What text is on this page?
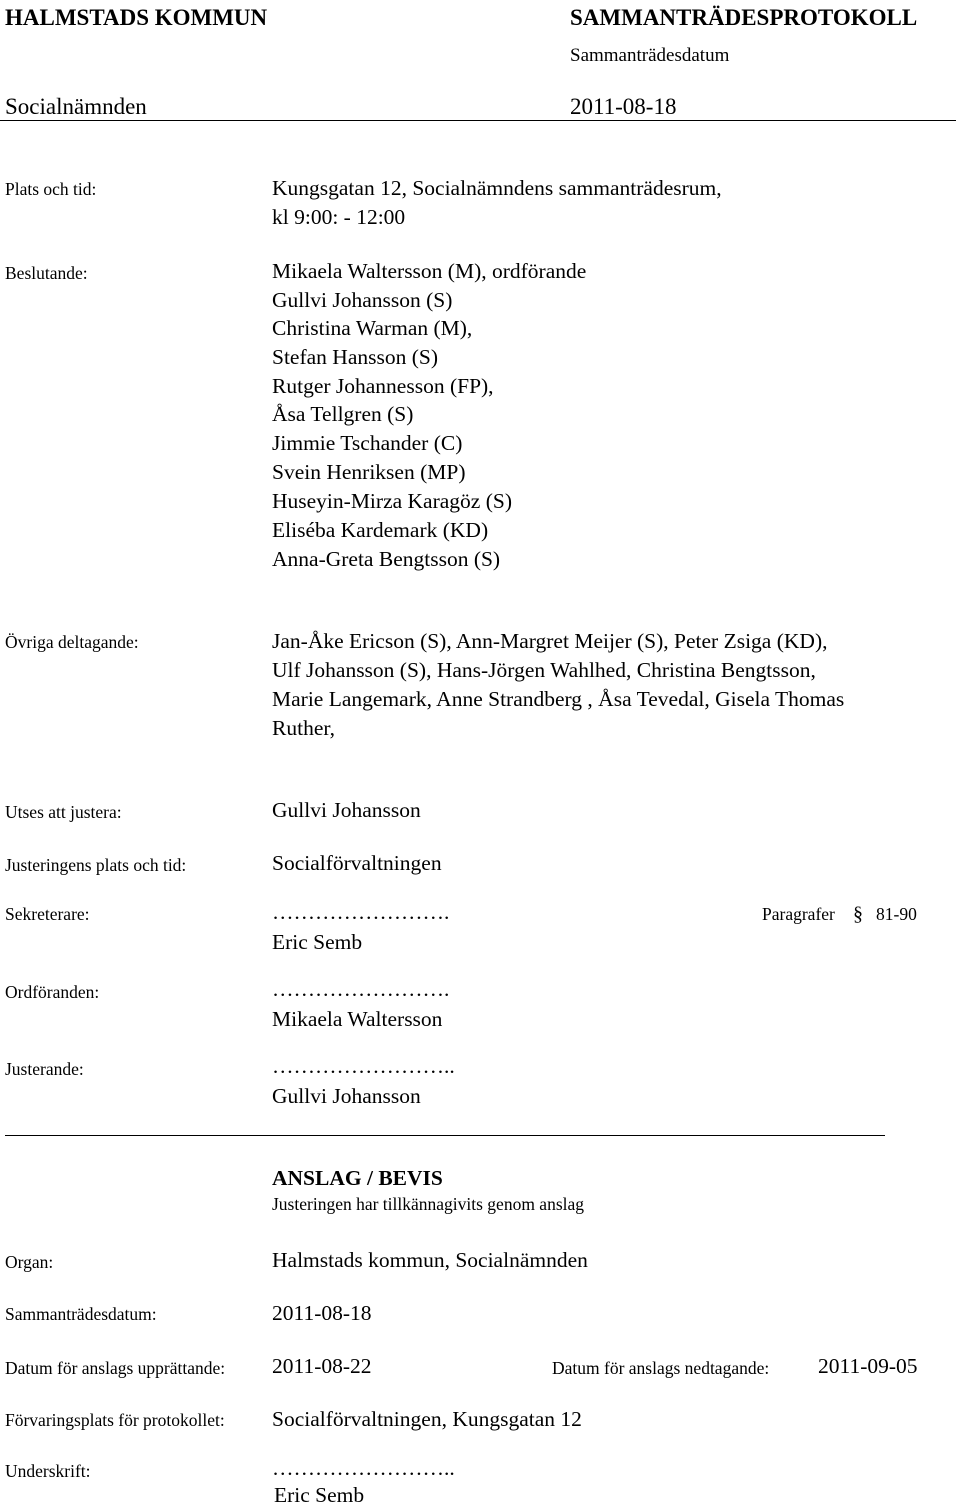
HALMSTADS KOMMUN	SAMMANTRÄDESPROTOKOLL
Sammanträdesdatum
Socialnämnden	2011-08-18
Plats och tid:	Kungsgatan 12, Socialnämndens sammanträdesrum,
kl 9:00: - 12:00
Beslutande:	Mikaela Waltersson (M), ordförande
Gullvi Johansson (S)
Christina Warman (M),
Stefan Hansson (S)
Rutger Johannesson (FP),
Åsa Tellgren (S)
Jimmie Tschander (C)
Svein Henriksen (MP)
Huseyin-Mirza Karagöz (S)
Eliséba Kardemark (KD)
Anna-Greta Bengtsson (S)
Övriga deltagande:	Jan-Åke Ericson (S), Ann-Margret Meijer (S), Peter Zsiga (KD),
Ulf Johansson (S), Hans-Jörgen Wahlhed, Christina Bengtsson,
Marie Langemark, Anne Strandberg , Åsa Tevedal, Gisela Thomas
Ruther,
Utses att justera:	Gullvi Johansson
Justeringens plats och tid:	Socialförvaltningen
Sekreterare:	…………………….	Paragrafer § 81-90
Eric Semb
Ordföranden:	…………………….
Mikaela Waltersson
Justerande:	……………………..
Gullvi Johansson
ANSLAG / BEVIS
Justeringen har tillkännagivits genom anslag
Organ:	Halmstads kommun, Socialnämnden
Sammanträdesdatum:	2011-08-18
Datum för anslags upprättande: 2011-08-22	Datum för anslags nedtagande: 2011-09-05
Förvaringsplats för protokollet: Socialförvaltningen, Kungsgatan 12
Underskrift:	……………………..
Eric Semb
